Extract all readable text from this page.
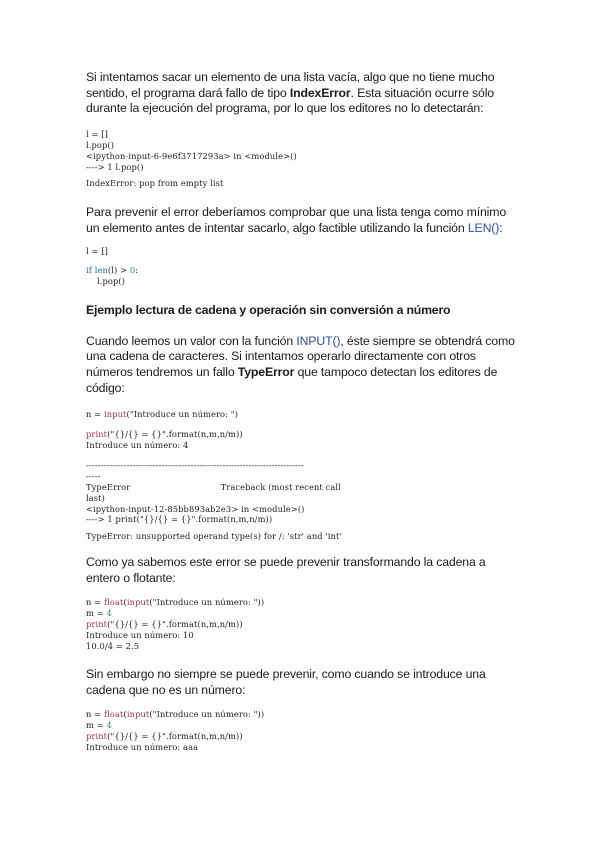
Si intentamos sacar un elemento de una lista vacía, algo que no tiene mucho sentido, el programa dará fallo de tipo IndexError. Esta situación ocurre sólo durante la ejecución del programa, por lo que los editores no lo detectarán:

l = []
l.pop()
<ipython-input-6-9e6f3717293a> in <module>()
----> 1 l.pop()
IndexError: pop from empty list

Para prevenir el error deberíamos comprobar que una lista tenga como mínimo un elemento antes de intentar sacarlo, algo factible utilizando la función LEN():

l = []
if len(l) > 0:
l.pop()

Ejemplo lectura de cadena y operación sin conversión a número

Cuando leemos un valor con la función INPUT(), éste siempre se obtendrá como una cadena de caracteres. Si intentamos operarlo directamente con otros números tendremos un fallo TypeError que tampoco detectan los editores de código:

n = input("Introduce un número: ")
print("{}/{} = {}".format(n,m,n/m))
Introduce un número: 4
---------------------------------------------------------------------------
-----
TypeError                                 Traceback (most recent call
last)
<ipython-input-12-85bb893ab2e3> in <module>()
----> 1 print("{}/{} = {}".format(n,m,n/m))
TypeError: unsupported operand type(s) for /: 'str' and 'int'

Como ya sabemos este error se puede prevenir transformando la cadena a entero o flotante:

n = float(input("Introduce un número: "))
m = 4
print("{}/{} = {}".format(n,m,n/m))
Introduce un número: 10
10.0/4 = 2.5

Sin embargo no siempre se puede prevenir, como cuando se introduce una cadena que no es un número:

n = float(input("Introduce un número: "))
m = 4
print("{}/{} = {}".format(n,m,n/m))
Introduce un número: aaa
